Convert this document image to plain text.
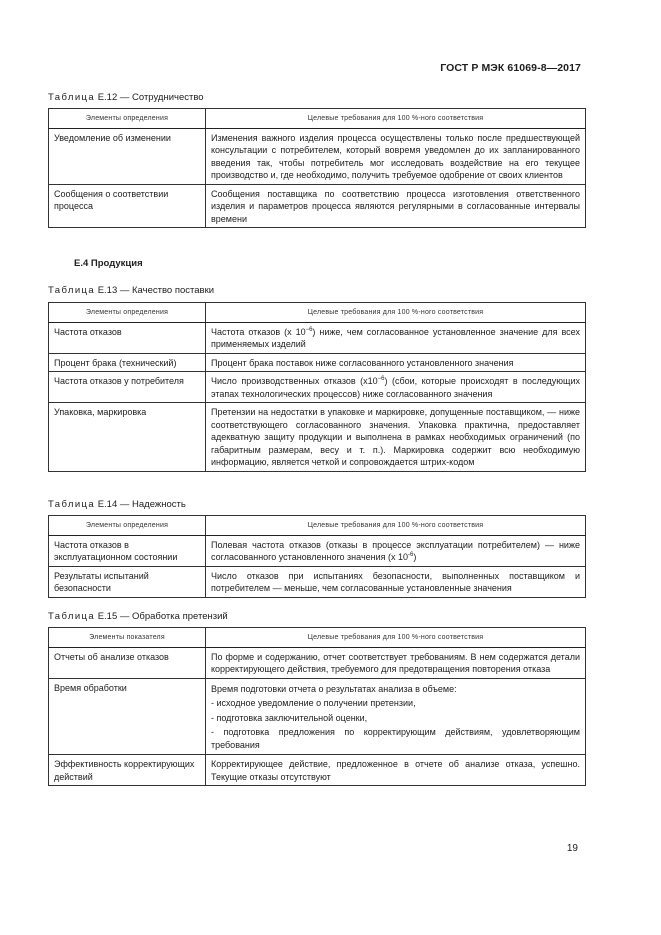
ГОСТ Р МЭК 61069-8—2017
Таблица Е.12 — Сотрудничество
Элементы определения	Целевые требования для 100 %-ного соответствия
Уведомление об изменении	Изменения важного изделия процесса осуществлены только после предшествующей консультации с потребителем, который вовремя уведомлен до их запланированного введения так, чтобы потребитель мог исследовать воздействие на его текущее производство и, где необходимо, получить требуемое одобрение от своих клиентов
Сообщения о соответствии процесса	Сообщения поставщика по соответствию процесса изготовления ответственного изделия и параметров процесса являются регулярными в согласованные интервалы времени
Е.4 Продукция
Таблица Е.13 — Качество поставки
Элементы определения	Целевые требования для 100 %-ного соответствия
Частота отказов	Частота отказов (х $10^{-6}$) ниже, чем согласованное установленное значение для всех применяемых изделий
Процент брака (технический)	Процент брака поставок ниже согласованного установленного значения
Частота отказов у потребителя	Число производственных отказов $(x10^{-6})$ (сбои, которые происходят в последующих этапах технологических процессов) ниже согласованного значения
Упаковка, маркировка	Претензии на недостатки в упаковке и маркировке, допущенные поставщиком, — ниже соответствующего согласованного значения. Упаковка практична, предоставляет адекватную защиту продукции и выполнена в рамках необходимых ограничений (по габаритным размерам, весу и т. п.). Маркировка содержит всю необходимую информацию, является четкой и сопровождается штрих-кодом
Таблица Е.14 — Надежность
Элементы определения	Целевые требования для 100 %-ного соответствия
Частота отказов в эксплуатационном состоянии	Полевая частота отказов (отказы в процессе эксплуатации потребителем) — ниже согласованного установленного значения (х $10^{-6}$)
Результаты испытаний безопасности	Число отказов при испытаниях безопасности, выполненных поставщиком и потребителем — меньше, чем согласованные установленные значения
Таблица Е.15 — Обработка претензий
Элементы показателя	Целевые требования для 100 %-ного соответствия
Отчеты об анализе отказов	По форме и содержанию, отчет соответствует требованиям. В нем содержатся детали корректирующего действия, требуемого для предотвращения повторения отказа
Время обработки	Время подготовки отчета о результатах анализа в объеме:
- исходное уведомление о получении претензии,
- подготовка заключительной оценки,
- подготовка предложения по корректирующим действиям, удовлетворяющим требования

Эффективность корректирующих действий	Корректирующее действие, предложенное в отчете об анализе отказа, успешно. Текущие отказы отсутствуют
19
